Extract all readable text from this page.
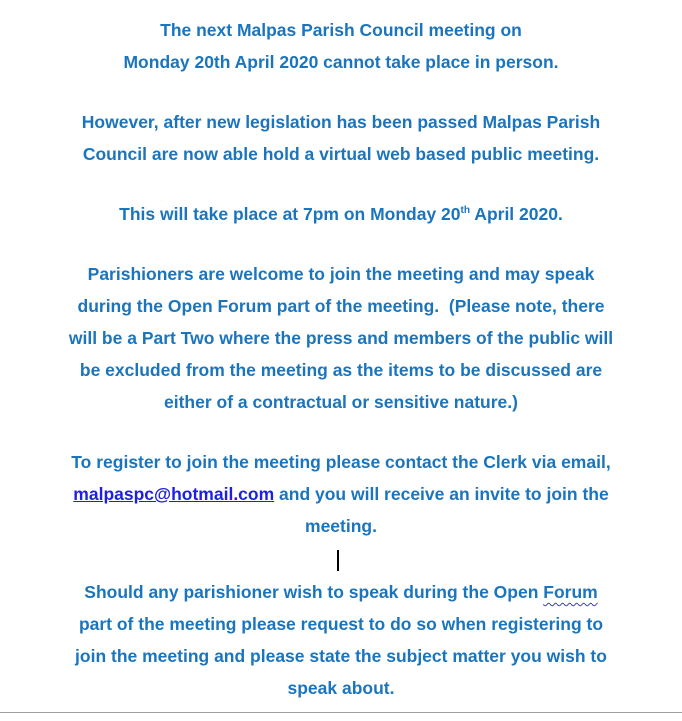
The next Malpas Parish Council meeting on
Monday 20th April 2020 cannot take place in person.
However, after new legislation has been passed Malpas Parish
Council are now able hold a virtual web based public meeting.
This will take place at 7pm on Monday 20th April 2020.
Parishioners are welcome to join the meeting and may speak
during the Open Forum part of the meeting.  (Please note, there
will be a Part Two where the press and members of the public will
be excluded from the meeting as the items to be discussed are
either of a contractual or sensitive nature.)
To register to join the meeting please contact the Clerk via email,
malpaspc@hotmail.com and you will receive an invite to join the
meeting.
Should any parishioner wish to speak during the Open Forum
part of the meeting please request to do so when registering to
join the meeting and please state the subject matter you wish to
speak about.
